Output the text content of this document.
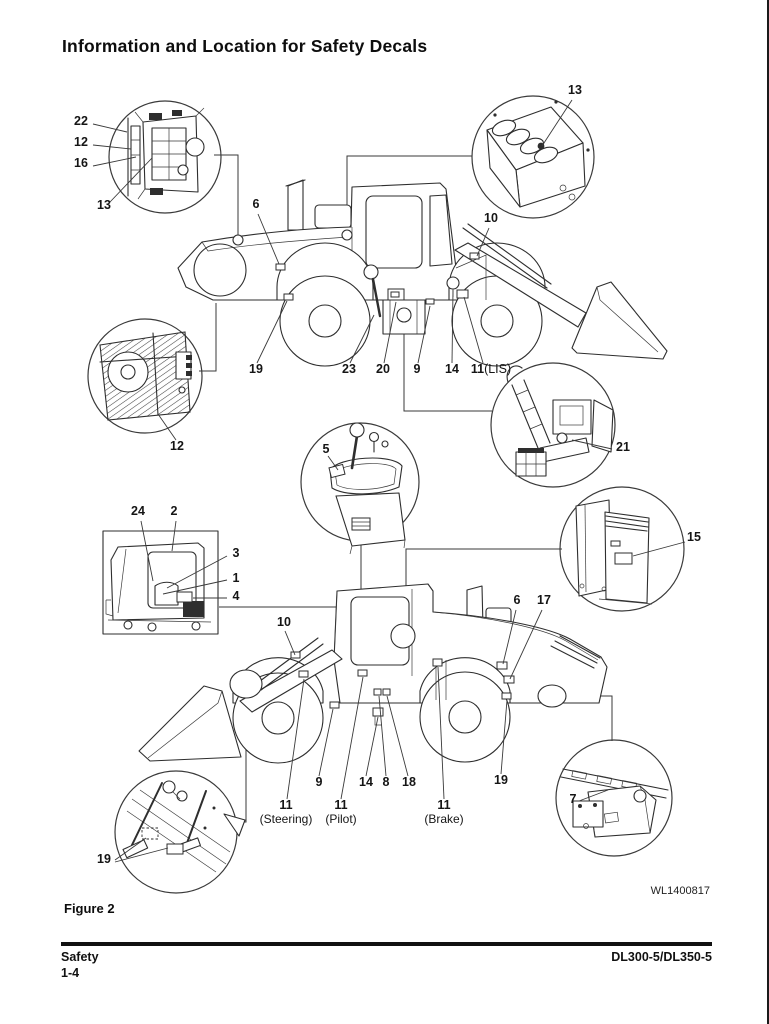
Information and Location for Safety Decals
22
12
16
13
13
6
10
19	23 20 9 14 11(LIS)
12	5	21
15
24 2
3
1
4
10
6 17
9	14 8 18	19
11
(Steering)
11
(Pilot)
11
(Brake)
7
19
Figure 2
WL1400817
Safety
1-4
DL300-5/DL350-5
